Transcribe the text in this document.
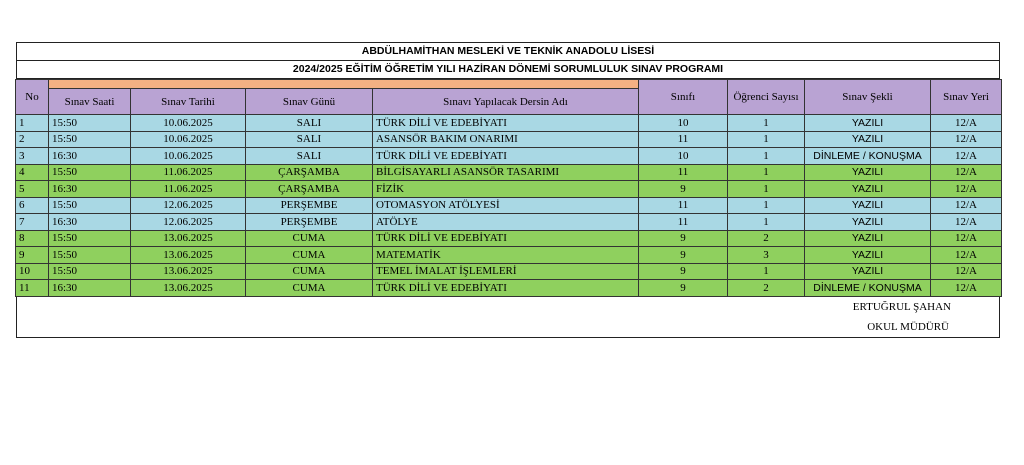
ABDÜLHAMİTHAN MESLEKİ VE TEKNİK ANADOLU LİSESİ
2024/2025 EĞİTİM ÖĞRETİM YILI HAZİRAN DÖNEMİ SORUMLULUK SINAV PROGRAMI
No					Sınıfı	Öğrenci Sayısı	Sınav Şekli	Sınav Yeri
	Sınav Saati	Sınav Tarihi	Sınav Günü	Sınavı Yapılacak Dersin Adı				
1	15:50	10.06.2025	SALI	TÜRK DİLİ VE EDEBİYATI	10	1	YAZILI	12/A
2	15:50	10.06.2025	SALI	ASANSÖR BAKIM ONARIMI	11	1	YAZILI	12/A
3	16:30	10.06.2025	SALI	TÜRK DİLİ VE EDEBİYATI	10	1	DİNLEME / KONUŞMA	12/A
4	15:50	11.06.2025	ÇARŞAMBA	BİLGİSAYARLI ASANSÖR TASARIMI	11	1	YAZILI	12/A
5	16:30	11.06.2025	ÇARŞAMBA	FİZİK	9	1	YAZILI	12/A
6	15:50	12.06.2025	PERŞEMBE	OTOMASYON ATÖLYESİ	11	1	YAZILI	12/A
7	16:30	12.06.2025	PERŞEMBE	ATÖLYE	11	1	YAZILI	12/A
8	15:50	13.06.2025	CUMA	TÜRK DİLİ VE EDEBİYATI	9	2	YAZILI	12/A
9	15:50	13.06.2025	CUMA	MATEMATİK	9	3	YAZILI	12/A
10	15:50	13.06.2025	CUMA	TEMEL İMALAT İŞLEMLERİ	9	1	YAZILI	12/A
11	16:30	13.06.2025	CUMA	TÜRK DİLİ VE EDEBİYATI	9	2	DİNLEME / KONUŞMA	12/A
ERTUĞRUL ŞAHAN
OKUL MÜDÜRÜ
